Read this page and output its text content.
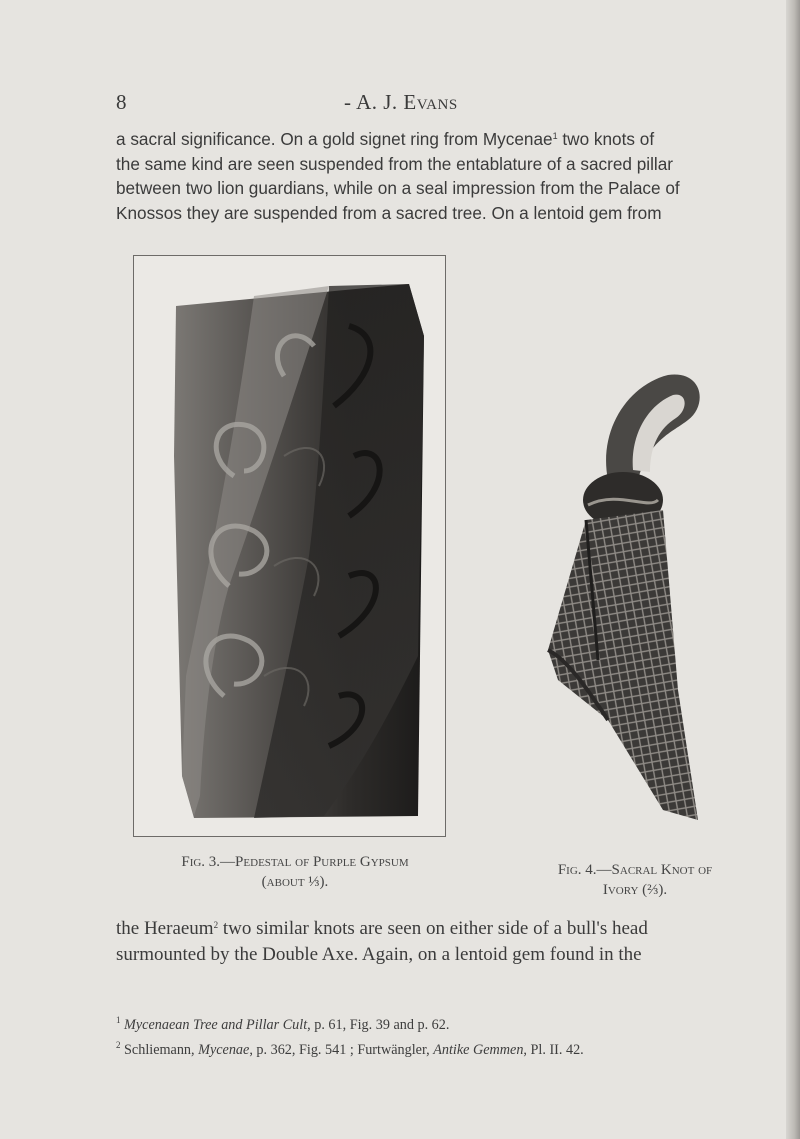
8	- A. J. Evans
a sacral significance. On a gold signet ring from Mycenae$^1$ two knots of
the same kind are seen suspended from the entablature of a sacred pillar
between two lion guardians, while on a seal impression from the Palace of
Knossos they are suspended from a sacred tree. On a lentoid gem from
Fig. 3.—Pedestal of Purple Gypsum
(about ⅓).
Fig. 4.—Sacral Knot of
Ivory (⅔).
the Heraeum$^2$ two similar knots are seen on either side of a bull's head
surmounted by the Double Axe. Again, on a lentoid gem found in the
$^1$ Mycenaean Tree and Pillar Cult, p. 61, Fig. 39 and p. 62.
$^2$ Schliemann, Mycenae, p. 362, Fig. 541 ; Furtwängler, Antike Gemmen, Pl. II. 42.
